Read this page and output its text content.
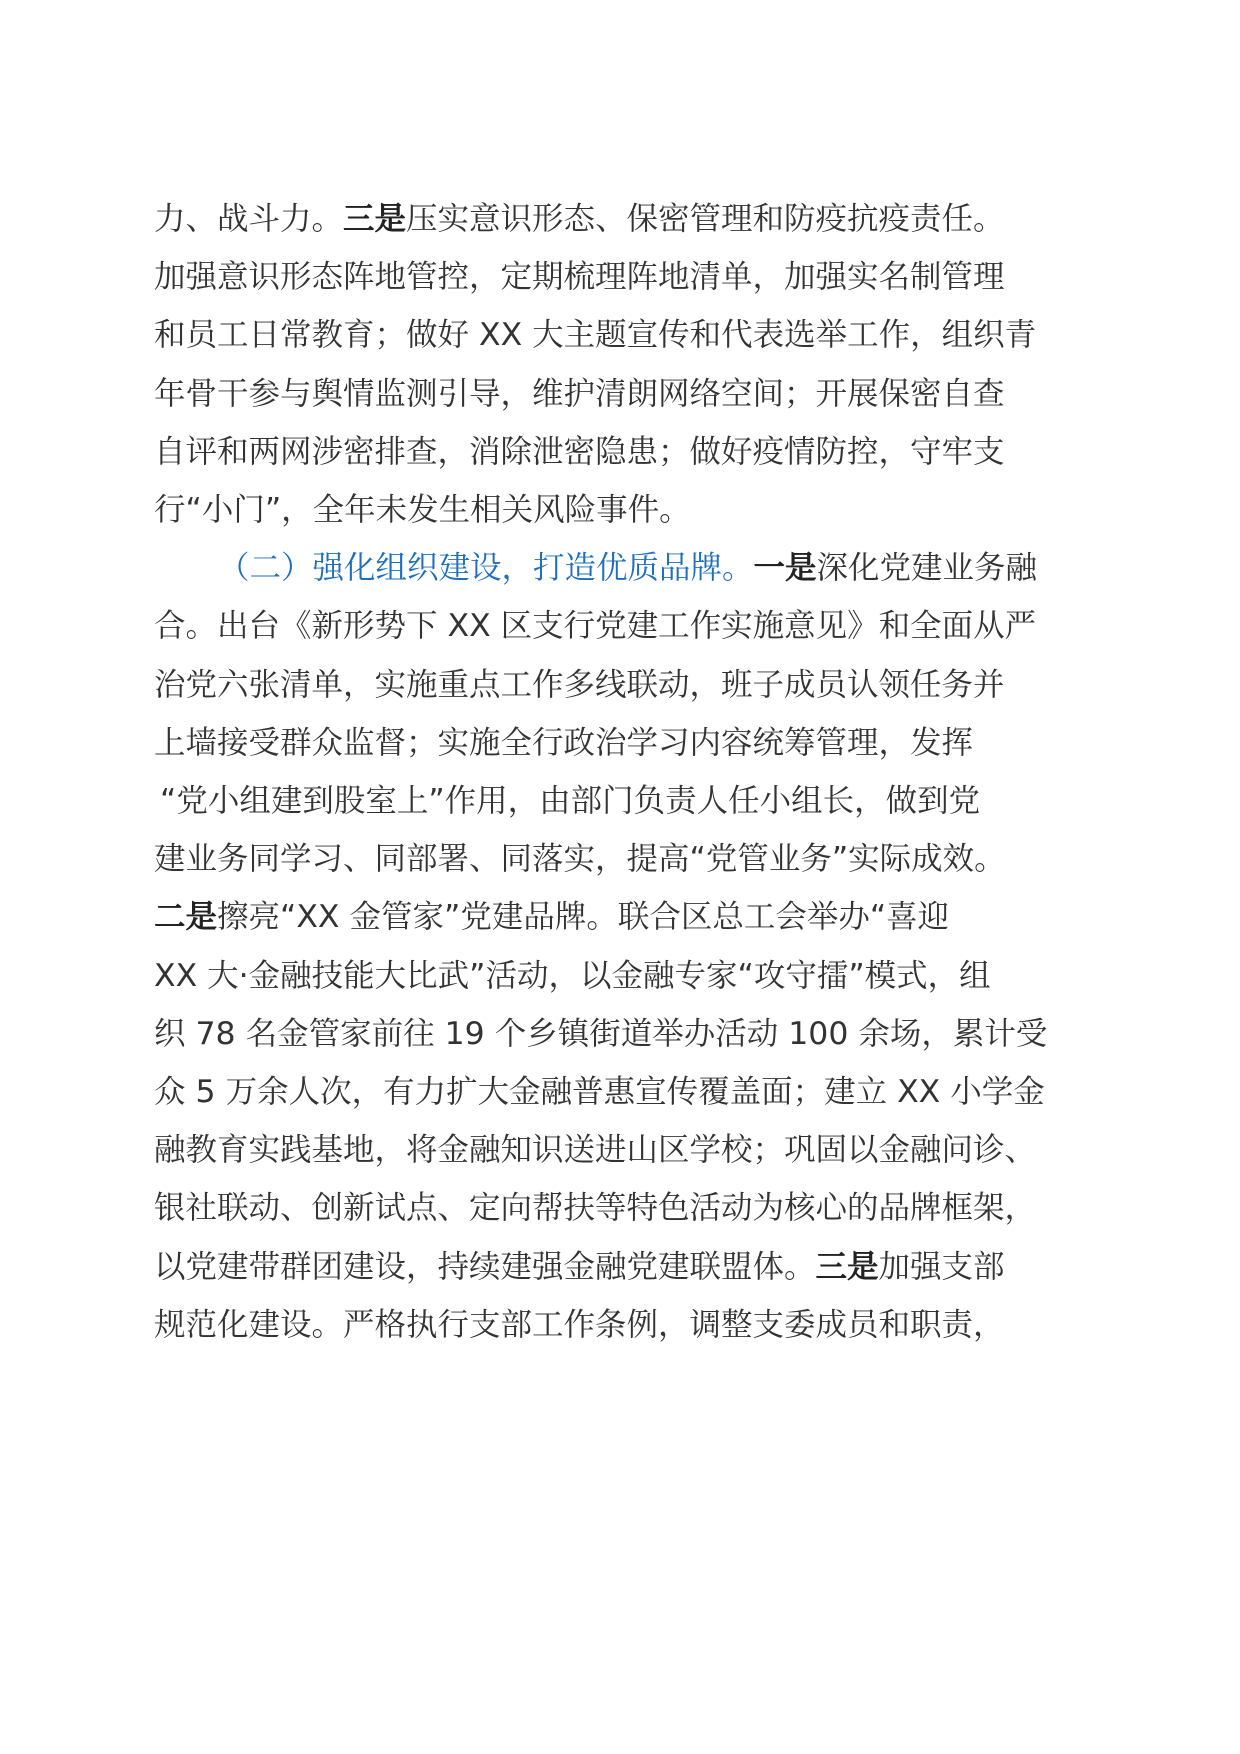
力、战斗力。三是压实意识形态、保密管理和防疫抗疫责任。
加强意识形态阵地管控，定期梳理阵地清单，加强实名制管理
和员工日常教育；做好 XX 大主题宣传和代表选举工作，组织青
年骨干参与舆情监测引导，维护清朗网络空间；开展保密自查
自评和两网涉密排查，消除泄密隐患；做好疫情防控，守牢支
行“小门”，全年未发生相关风险事件。
（二）强化组织建设，打造优质品牌。一是深化党建业务融
合。出台《新形势下 XX 区支行党建工作实施意见》和全面从严
治党六张清单，实施重点工作多线联动，班子成员认领任务并
上墙接受群众监督；实施全行政治学习内容统筹管理，发挥
“党小组建到股室上”作用，由部门负责人任小组长，做到党
建业务同学习、同部署、同落实，提高“党管业务”实际成效。
二是擦亮“XX 金管家”党建品牌。联合区总工会举办“喜迎
XX 大·金融技能大比武”活动，以金融专家“攻守擂”模式，组
织 78 名金管家前往 19 个乡镇街道举办活动 100 余场，累计受
众 5 万余人次，有力扩大金融普惠宣传覆盖面；建立 XX 小学金
融教育实践基地，将金融知识送进山区学校；巩固以金融问诊、
银社联动、创新试点、定向帮扶等特色活动为核心的品牌框架，
以党建带群团建设，持续建强金融党建联盟体。三是加强支部
规范化建设。严格执行支部工作条例，调整支委成员和职责，
